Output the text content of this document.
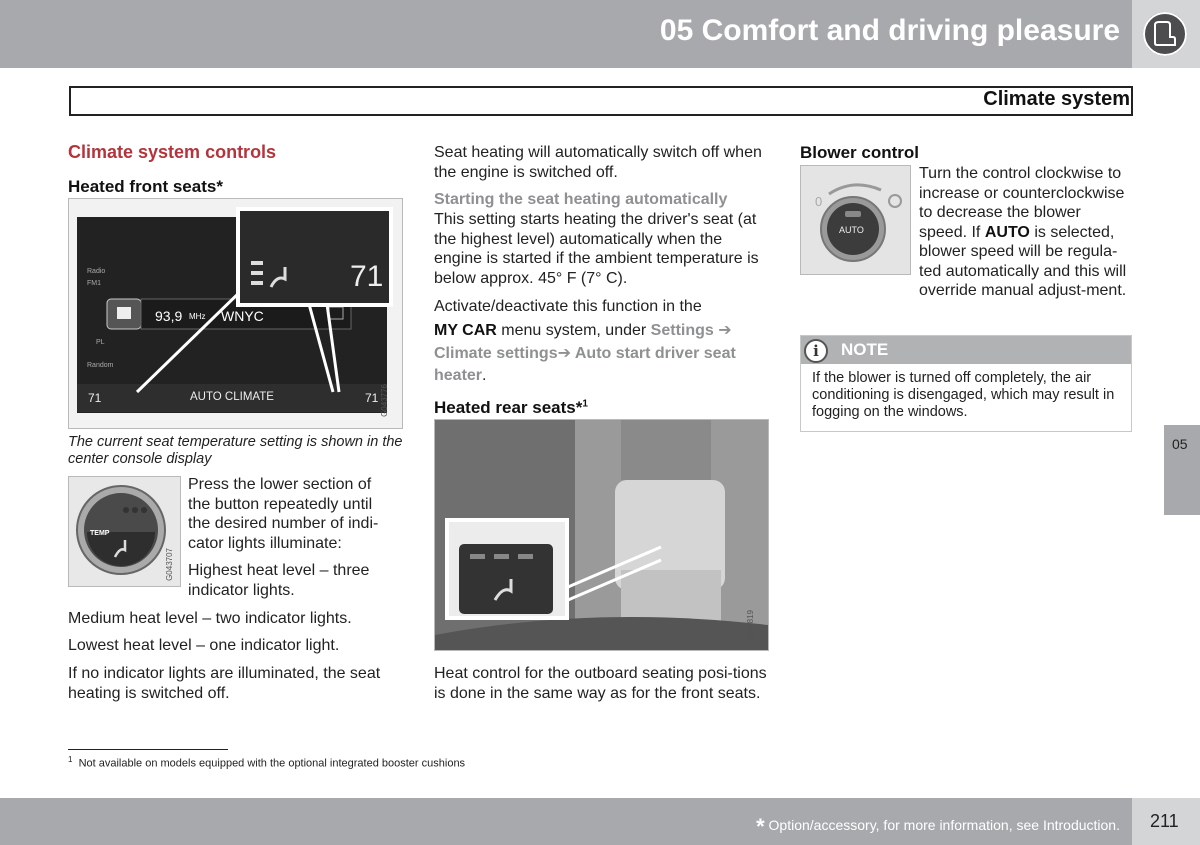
05 Comfort and driving pleasure
Climate system
Climate system controls
Heated front seats*
Radio
FM1
93,9 MHz WNYC
PL
Random
71	AUTO CLIMATE	71
71
G043776
The current seat temperature setting is shown in the center console display
TEMP
G043707
Press the lower section of the button repeatedly until the desired number of indi-cator lights illuminate:
Highest heat level – three indicator lights.
Medium heat level – two indicator lights.
Lowest heat level – one indicator light.
If no indicator lights are illuminated, the seat heating is switched off.
Seat heating will automatically switch off when the engine is switched off.
Starting the seat heating automatically
This setting starts heating the driver's seat (at the highest level) automatically when the engine is started if the ambient temperature is below approx. 45° F (7° C).
Activate/deactivate this function in the
MY CAR menu system, under Settings ➔
Climate settings➔ Auto start driver seat heater.
Heated rear seats*$^1$
G043819
Heat control for the outboard seating posi-tions is done in the same way as for the front seats.
Blower control
AUTO
0
Turn the control clockwise to increase or counterclockwise to decrease the blower speed. If AUTO is selected, blower speed will be regula-ted automatically and this will override manual adjust-ment.
i	NOTE
If the blower is turned off completely, the air conditioning is disengaged, which may result in fogging on the windows.
05
$^1$ Not available on models equipped with the optional integrated booster cushions
* Option/accessory, for more information, see Introduction. 211
